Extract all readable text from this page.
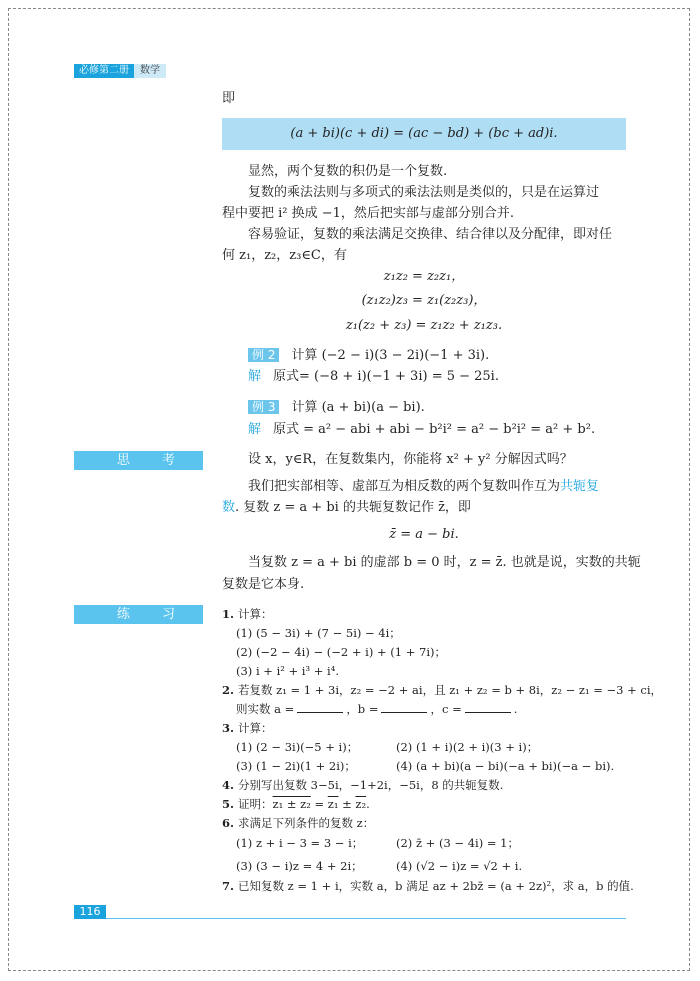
必修第二册	数学
即
(a + bi)(c + di) = (ac − bd) + (bc + ad)i.
显然，两个复数的积仍是一个复数.
复数的乘法法则与多项式的乘法法则是类似的，只是在运算过
程中要把 i² 换成 −1，然后把实部与虚部分别合并.
容易验证，复数的乘法满足交换律、结合律以及分配律，即对任
何 z₁，z₂，z₃∈C，有
z₁z₂ = z₂z₁，
(z₁z₂)z₃ = z₁(z₂z₃)，
z₁(z₂ + z₃) = z₁z₂ + z₁z₃.
例 2 计算 (−2 − i)(3 − 2i)(−1 + 3i).
解 原式= (−8 + i)(−1 + 3i) = 5 − 25i.
例 3 计算 (a + bi)(a − bi).
解 原式 = a² − abi + abi − b²i² = a² − b²i² = a² + b².
思 考	设 x，y∈R，在复数集内，你能将 x² + y² 分解因式吗？
我们把实部相等、虚部互为相反数的两个复数叫作互为共轭复
数. 复数 z = a + bi 的共轭复数记作 z̄，即
z̄ = a − bi.
当复数 z = a + bi 的虚部 b = 0 时，z = z̄. 也就是说，实数的共轭
复数是它本身.
练 习	1. 计算：
(1) (5 − 3i) + (7 − 5i) − 4i；
(2) (−2 − 4i) − (−2 + i) + (1 + 7i)；
(3) i + i² + i³ + i⁴.
2. 若复数 z₁ = 1 + 3i，z₂ = −2 + ai，且 z₁ + z₂ = b + 8i，z₂ − z₁ = −3 + ci，
则实数 a =	，b =	，c =	.
3. 计算：
(1) (2 − 3i)(−5 + i)；	(2) (1 + i)(2 + i)(3 + i)；
(3) (1 − 2i)(1 + 2i)；	(4) (a + bi)(a − bi)(−a + bi)(−a − bi).
4. 分别写出复数 3−5i，−1+2i，−5i，8 的共轭复数.
5. 证明：z₁ ± z₂ = z₁ ± z₂.
6. 求满足下列条件的复数 z：
(1) z + i − 3 = 3 − i；	(2) z̄ + (3 − 4i) = 1；
(3) (3 − i)z = 4 + 2i；	(4) (√2 − i)z = √2 + i.
7. 已知复数 z = 1 + i，实数 a，b 满足 az + 2bz̄ = (a + 2z)²，求 a，b 的值.
116
